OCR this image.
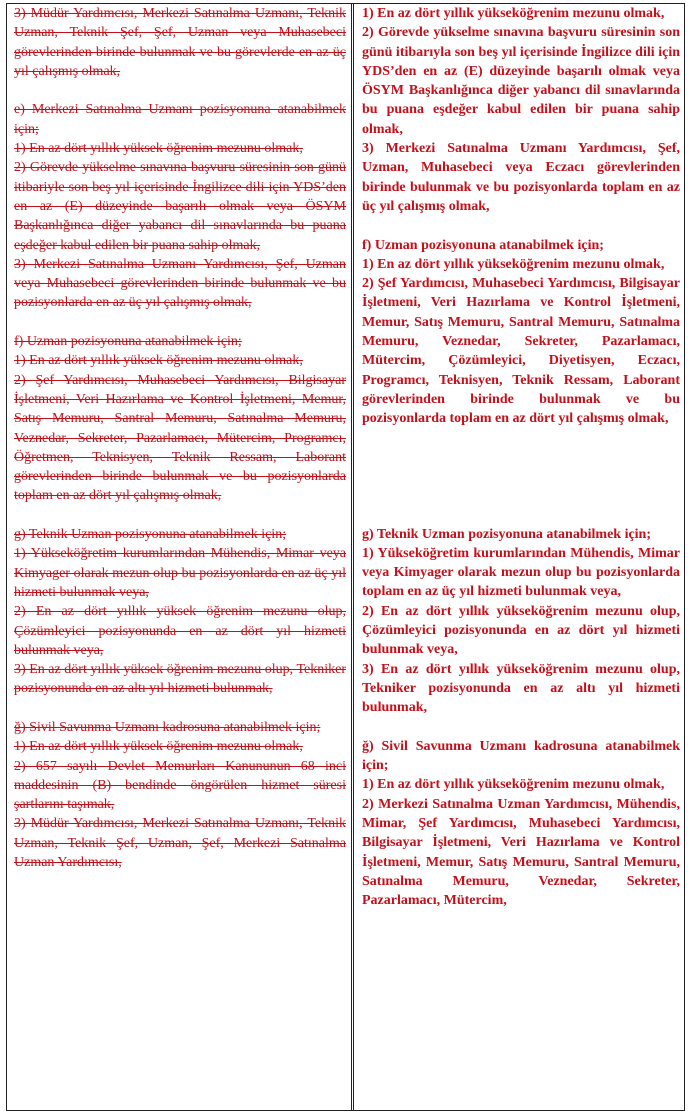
3) Müdür Yardımcısı, Merkezi Satınalma Uzmanı, Teknik Uzman, Teknik Şef, Şef, Uzman veya Muhasebeci görevlerinden birinde bulunmak ve bu görevlerde en az üç yıl çalışmış olmak,

e) Merkezi Satınalma Uzmanı pozisyonuna atanabilmek için;

1) En az dört yıllık yüksek öğrenim mezunu olmak,

2) Görevde yükselme sınavına başvuru süresinin son günü itibariyle son beş yıl içerisinde İngilizce dili için YDS’den en az (E) düzeyinde başarılı olmak veya ÖSYM Başkanlığınca diğer yabancı dil sınavlarında bu puana eşdeğer kabul edilen bir puana sahip olmak,

3) Merkezi Satınalma Uzmanı Yardımcısı, Şef, Uzman veya Muhasebeci görevlerinden birinde bulunmak ve bu pozisyonlarda en az üç yıl çalışmış olmak,

f) Uzman pozisyonuna atanabilmek için;

1) En az dört yıllık yüksek öğrenim mezunu olmak,

2) Şef Yardımcısı, Muhasebeci Yardımcısı, Bilgisayar İşletmeni, Veri Hazırlama ve Kontrol İşletmeni, Memur, Satış Memuru, Santral Memuru, Satınalma Memuru, Veznedar, Sekreter, Pazarlamacı, Mütercim, Programcı, Öğretmen, Teknisyen, Teknik Ressam, Laborant görevlerinden birinde bulunmak ve bu pozisyonlarda toplam en az dört yıl çalışmış olmak,

g) Teknik Uzman pozisyonuna atanabilmek için;

1) Yükseköğretim kurumlarından Mühendis, Mimar veya Kimyager olarak mezun olup bu pozisyonlarda en az üç yıl hizmeti bulunmak veya,

2) En az dört yıllık yüksek öğrenim mezunu olup, Çözümleyici pozisyonunda en az dört yıl hizmeti bulunmak veya,

3) En az dört yıllık yüksek öğrenim mezunu olup, Tekniker pozisyonunda en az altı yıl hizmeti bulunmak,

ğ) Sivil Savunma Uzmanı kadrosuna atanabilmek için;

1) En az dört yıllık yüksek öğrenim mezunu olmak,

2) 657 sayılı Devlet Memurları Kanununun 68 inci maddesinin (B) bendinde öngörülen hizmet süresi şartlarını taşımak,

3) Müdür Yardımcısı, Merkezi Satınalma Uzmanı, Teknik Uzman, Teknik Şef, Uzman, Şef, Merkezi Satınalma Uzman Yardımcısı,

1) En az dört yıllık yükseköğrenim mezunu olmak,

2) Görevde yükselme sınavına başvuru süresinin son günü itibarıyla son beş yıl içerisinde İngilizce dili için YDS’den en az (E) düzeyinde başarılı olmak veya ÖSYM Başkanlığınca diğer yabancı dil sınavlarında bu puana eşdeğer kabul edilen bir puana sahip olmak,

3) Merkezi Satınalma Uzmanı Yardımcısı, Şef, Uzman, Muhasebeci veya Eczacı görevlerinden birinde bulunmak ve bu pozisyonlarda toplam en az üç yıl çalışmış olmak,

f) Uzman pozisyonuna atanabilmek için;

1) En az dört yıllık yükseköğrenim mezunu olmak,

2) Şef Yardımcısı, Muhasebeci Yardımcısı, Bilgisayar İşletmeni, Veri Hazırlama ve Kontrol İşletmeni, Memur, Satış Memuru, Santral Memuru, Satınalma Memuru, Veznedar, Sekreter, Pazarlamacı, Mütercim, Çözümleyici, Diyetisyen, Eczacı, Programcı, Teknisyen, Teknik Ressam, Laborant görevlerinden birinde bulunmak ve bu pozisyonlarda toplam en az dört yıl çalışmış olmak,

g) Teknik Uzman pozisyonuna atanabilmek için;

1) Yükseköğretim kurumlarından Mühendis, Mimar veya Kimyager olarak mezun olup bu pozisyonlarda toplam en az üç yıl hizmeti bulunmak veya,

2) En az dört yıllık yükseköğrenim mezunu olup, Çözümleyici pozisyonunda en az dört yıl hizmeti bulunmak veya,

3) En az dört yıllık yükseköğrenim mezunu olup, Tekniker pozisyonunda en az altı yıl hizmeti bulunmak,

ğ) Sivil Savunma Uzmanı kadrosuna atanabilmek için;

1) En az dört yıllık yükseköğrenim mezunu olmak,

2) Merkezi Satınalma Uzman Yardımcısı, Mühendis, Mimar, Şef Yardımcısı, Muhasebeci Yardımcısı, Bilgisayar İşletmeni, Veri Hazırlama ve Kontrol İşletmeni, Memur, Satış Memuru, Santral Memuru, Satınalma Memuru, Veznedar, Sekreter, Pazarlamacı, Mütercim,
